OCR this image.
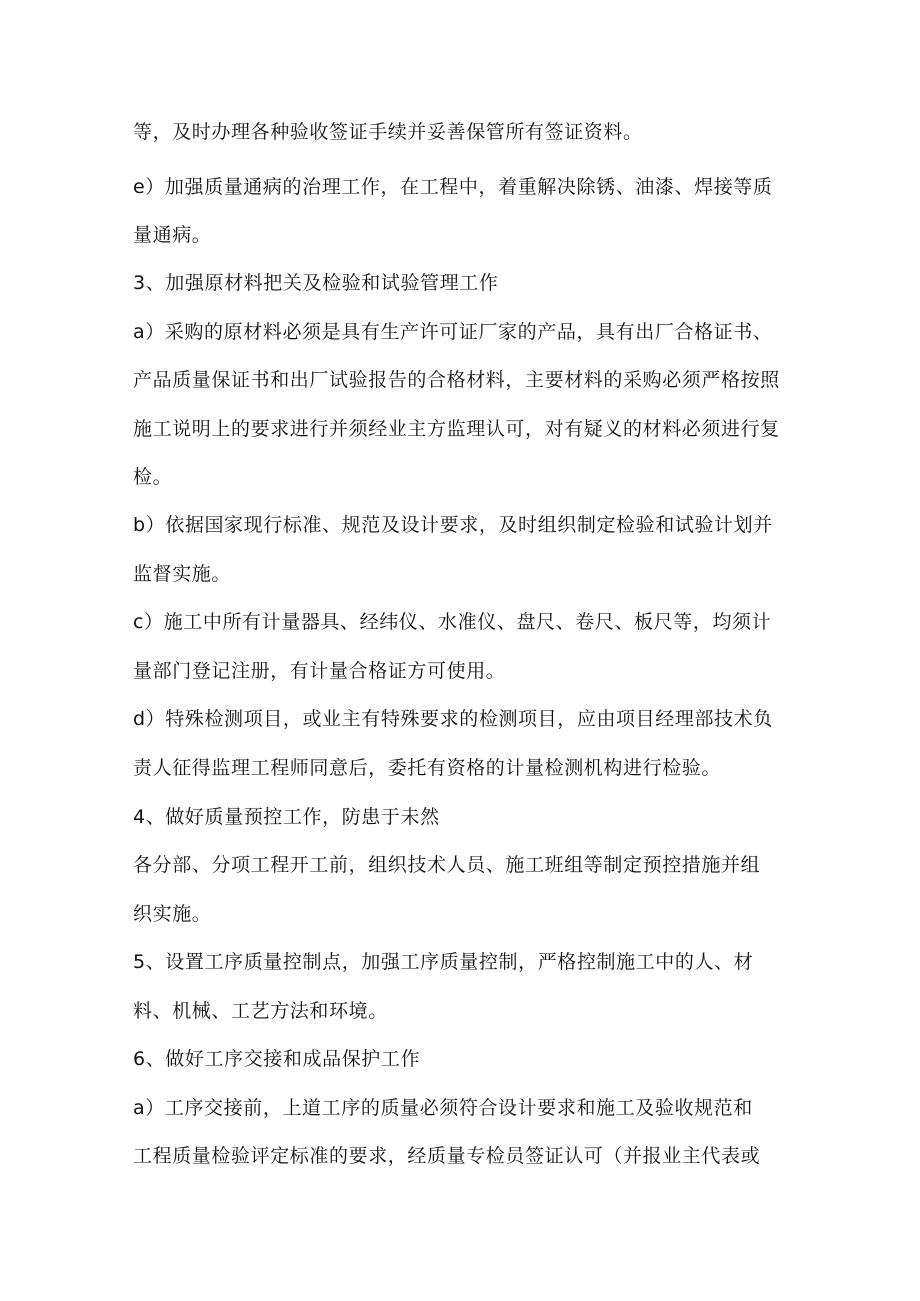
等，及时办理各种验收签证手续并妥善保管所有签证资料。
e）加强质量通病的治理工作，在工程中，着重解决除锈、油漆、焊接等质
量通病。
3、加强原材料把关及检验和试验管理工作
a）采购的原材料必须是具有生产许可证厂家的产品，具有出厂合格证书、
产品质量保证书和出厂试验报告的合格材料，主要材料的采购必须严格按照
施工说明上的要求进行并须经业主方监理认可，对有疑义的材料必须进行复
检。
b）依据国家现行标准、规范及设计要求，及时组织制定检验和试验计划并
监督实施。
c）施工中所有计量器具、经纬仪、水准仪、盘尺、卷尺、板尺等，均须计
量部门登记注册，有计量合格证方可使用。
d）特殊检测项目，或业主有特殊要求的检测项目，应由项目经理部技术负
责人征得监理工程师同意后，委托有资格的计量检测机构进行检验。
4、做好质量预控工作，防患于未然
各分部、分项工程开工前，组织技术人员、施工班组等制定预控措施并组
织实施。
5、设置工序质量控制点，加强工序质量控制，严格控制施工中的人、材
料、机械、工艺方法和环境。
6、做好工序交接和成品保护工作
a）工序交接前，上道工序的质量必须符合设计要求和施工及验收规范和
工程质量检验评定标准的要求，经质量专检员签证认可（并报业主代表或
